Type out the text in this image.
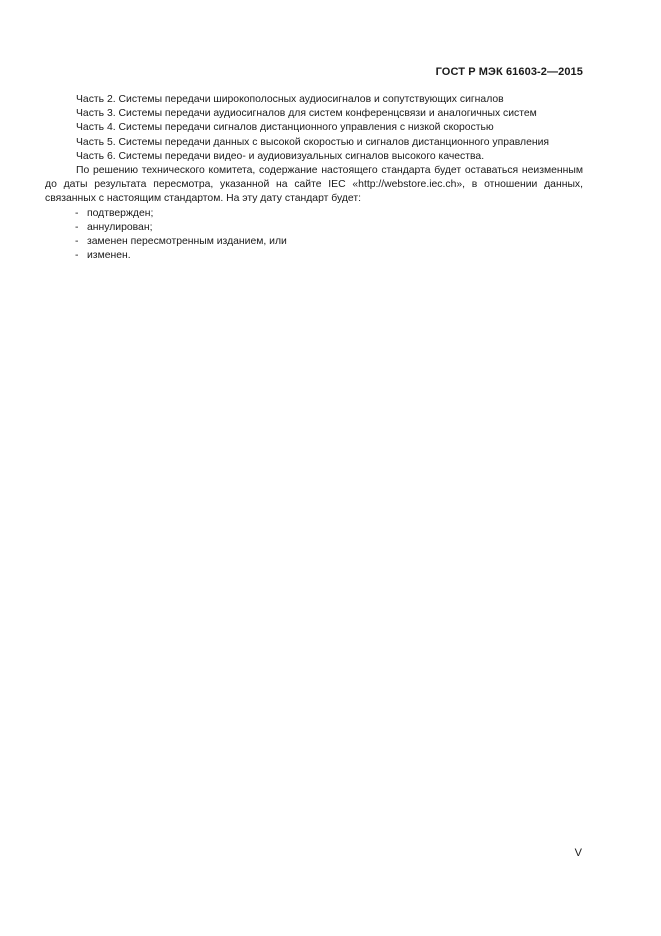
ГОСТ Р МЭК 61603-2—2015

Часть 2. Системы передачи широкополосных аудиосигналов и сопутствующих сигналов

Часть 3. Системы передачи аудиосигналов для систем конференцсвязи и аналогичных систем

Часть 4. Системы передачи сигналов дистанционного управления с низкой скоростью

Часть 5. Системы передачи данных с высокой скоростью и сигналов дистанционного управления

Часть 6. Системы передачи видео- и аудиовизуальных сигналов высокого качества.

По решению технического комитета, содержание настоящего стандарта будет оставаться неизменным до даты результата пересмотра, указанной на сайте IEC «http://webstore.iec.ch», в отношении данных, связанных с настоящим стандартом. На эту дату стандарт будет:

- подтвержден;
- аннулирован;
- заменен пересмотренным изданием, или
- изменен.
V
